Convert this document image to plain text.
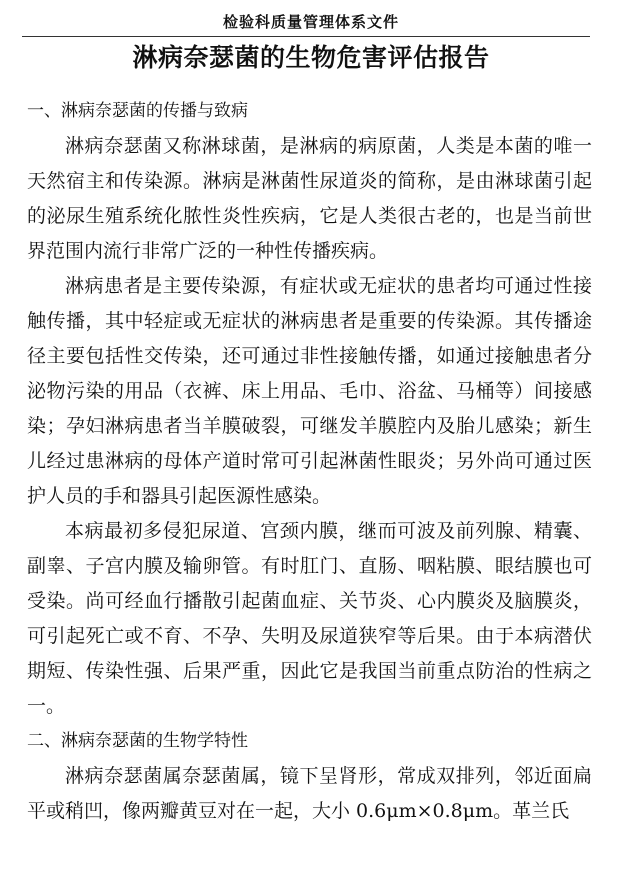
检验科质量管理体系文件
淋病奈瑟菌的生物危害评估报告
一、淋病奈瑟菌的传播与致病

淋病奈瑟菌又称淋球菌，是淋病的病原菌，人类是本菌的唯一天然宿主和传染源。淋病是淋菌性尿道炎的简称，是由淋球菌引起的泌尿生殖系统化脓性炎性疾病，它是人类很古老的，也是当前世界范围内流行非常广泛的一种性传播疾病。

淋病患者是主要传染源，有症状或无症状的患者均可通过性接触传播，其中轻症或无症状的淋病患者是重要的传染源。其传播途径主要包括性交传染，还可通过非性接触传播，如通过接触患者分泌物污染的用品（衣裤、床上用品、毛巾、浴盆、马桶等）间接感染；孕妇淋病患者当羊膜破裂，可继发羊膜腔内及胎儿感染；新生儿经过患淋病的母体产道时常可引起淋菌性眼炎；另外尚可通过医护人员的手和器具引起医源性感染。

本病最初多侵犯尿道、宫颈内膜，继而可波及前列腺、精囊、副睾、子宫内膜及输卵管。有时肛门、直肠、咽粘膜、眼结膜也可受染。尚可经血行播散引起菌血症、关节炎、心内膜炎及脑膜炎，可引起死亡或不育、不孕、失明及尿道狭窄等后果。由于本病潜伏期短、传染性强、后果严重，因此它是我国当前重点防治的性病之一。

二、淋病奈瑟菌的生物学特性

淋病奈瑟菌属奈瑟菌属，镜下呈肾形，常成双排列，邻近面扁平或稍凹，像两瓣黄豆对在一起，大小 0.6μm×0.8μm。革兰氏
